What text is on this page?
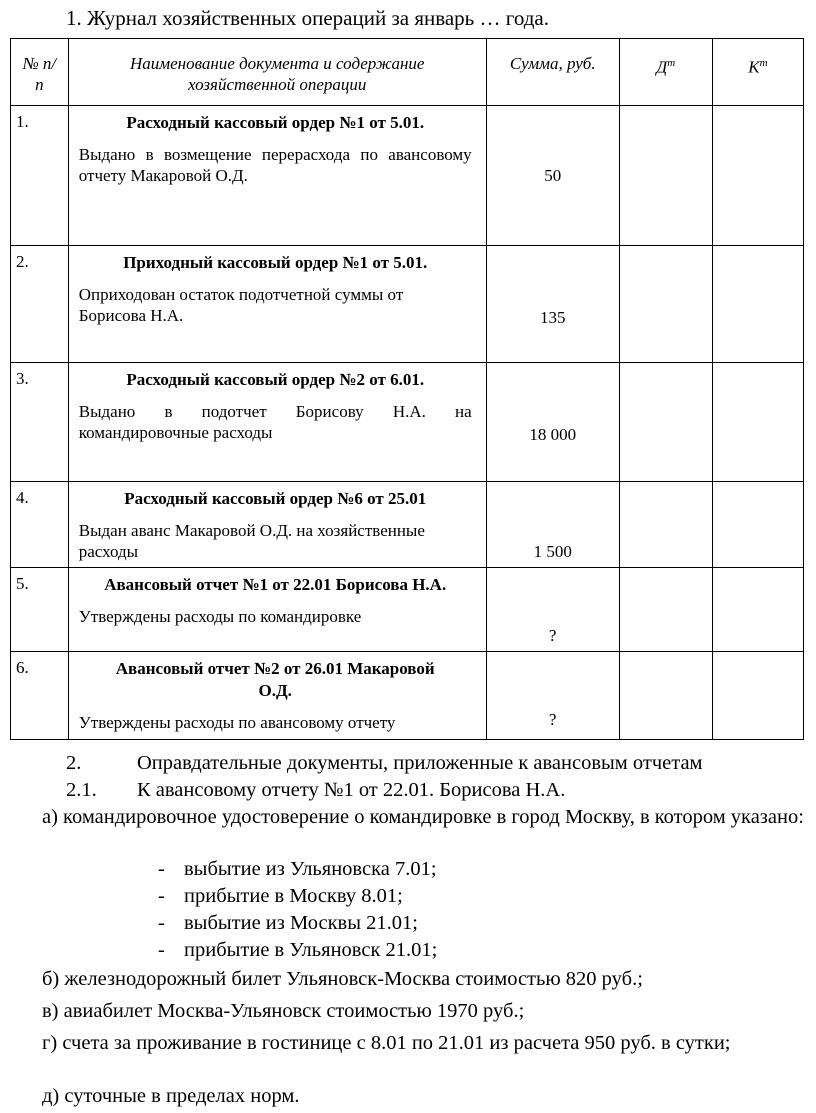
1. Журнал хозяйственных операций за январь … года.
№ п/п	Наименование документа и содержание хозяйственной операции	Сумма, руб.	$Д^т$	$К^т$

1.	Расходный кассовый ордер №1 от 5.01.
Выдано в возмещение перерасхода по авансовому отчету Макаровой О.Д.	50		

2.	Приходный кассовый ордер №1 от 5.01.
Оприходован остаток подотчетной суммы от Борисова Н.А.	135		

3.	Расходный кассовый ордер №2 от 6.01.
Выдано в подотчет Борисову Н.А. на командировочные расходы	18 000		

4.	Расходный кассовый ордер №6 от 25.01
Выдан аванс Макаровой О.Д. на хозяйственные расходы	1 500		

5.	Авансовый отчет №1 от 22.01 Борисова Н.А.
Утверждены расходы по командировке	?		

6.	Авансовый отчет №2 от 26.01 Макаровой О.Д.
Утверждены расходы по авансовому отчету	?		

2.	Оправдательные документы, приложенные к авансовым отчетам
2.1. К авансовому отчету №1 от 22.01. Борисова Н.А.
а) командировочное удостоверение о командировке в город Москву, в котором указано:
- выбытие из Ульяновска 7.01;
- прибытие в Москву 8.01;
- выбытие из Москвы 21.01;
- прибытие в Ульяновск 21.01;
б) железнодорожный билет Ульяновск-Москва стоимостью 820 руб.;
в) авиабилет Москва-Ульяновск стоимостью 1970 руб.;
г) счета за проживание в гостинице с 8.01 по 21.01 из расчета 950 руб. в сутки;
д) суточные в пределах норм.
